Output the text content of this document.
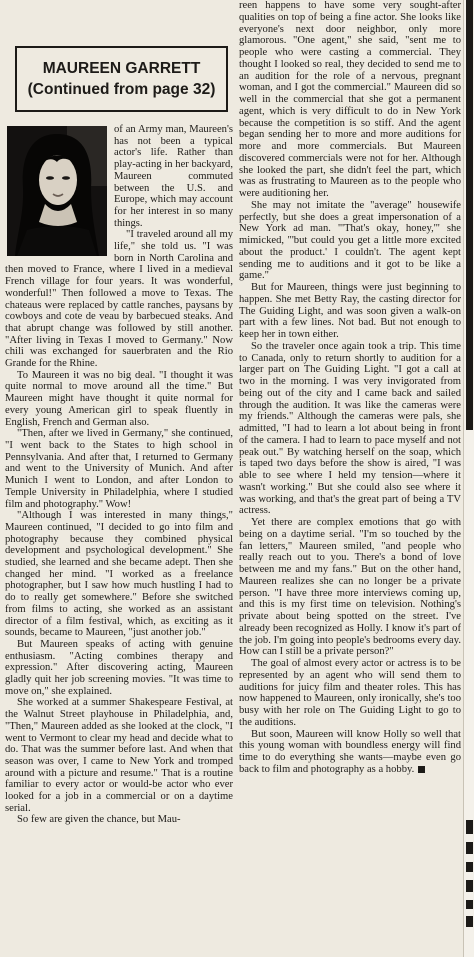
MAUREEN GARRETT
(Continued from page 32)

of an Army man, Maureen's has not been a typical actor's life. Rather than play-acting in her backyard, Maureen commuted between the U.S. and Europe, which may account for her interest in so many things.

"I traveled around all my life," she told us. "I was born in North Carolina and then moved to France, where I lived in a medieval French village for four years. It was wonderful, wonderful!" Then followed a move to Texas. The chateaus were replaced by cattle ranches, paysans by cowboys and cote de veau by barbecued steaks. And that abrupt change was followed by still another. "After living in Texas I moved to Germany." Now chili was exchanged for sauerbraten and the Rio Grande for the Rhine.

To Maureen it was no big deal. "I thought it was quite normal to move around all the time." But Maureen might have thought it quite normal for every young American girl to speak fluently in English, French and German also.

"Then, after we lived in Germany," she continued, "I went back to the States to high school in Pennsylvania. And after that, I returned to Germany and went to the University of Munich. And after Munich I went to London, and after London to Temple University in Philadelphia, where I studied film and photography." Wow!

"Although I was interested in many things," Maureen continued, "I decided to go into film and photography because they combined physical development and psychological development." She studied, she learned and she became adept. Then she changed her mind. "I worked as a freelance photographer, but I saw how much hustling I had to do to really get somewhere." Before she switched from films to acting, she worked as an assistant director of a film festival, which, as exciting as it sounds, became to Maureen, "just another job."

But Maureen speaks of acting with genuine enthusiasm. "Acting combines therapy and expression." After discovering acting, Maureen gladly quit her job screening movies. "It was time to move on," she explained.

She worked at a summer Shakespeare Festival, at the Walnut Street playhouse in Philadelphia, and, "Then," Maureen added as she looked at the clock, "I went to Vermont to clear my head and decide what to do. That was the summer before last. And when that season was over, I came to New York and tromped around with a picture and resume." That is a routine familiar to every actor or would-be actor who ever looked for a job in a commercial or on a daytime serial.

So few are given the chance, but Mau-

reen happens to have some very sought-after qualities on top of being a fine actor. She looks like everyone's next door neighbor, only more glamorous. "One agent," she said, "sent me to people who were casting a commercial. They thought I looked so real, they decided to send me to an audition for the role of a nervous, pregnant woman, and I got the commercial." Maureen did so well in the commercial that she got a permanent agent, which is very difficult to do in New York because the competition is so stiff. And the agent began sending her to more and more auditions for more and more commercials. But Maureen discovered commercials were not for her. Although she looked the part, she didn't feel the part, which was as frustrating to Maureen as to the people who were auditioning her.

She may not imitate the "average" housewife perfectly, but she does a great impersonation of a New York ad man. "'That's okay, honey,'" she mimicked, "'but could you get a little more excited about the product.' I couldn't. The agent kept sending me to auditions and it got to be like a game."

But for Maureen, things were just beginning to happen. She met Betty Ray, the casting director for The Guiding Light, and was soon given a walk-on part with a few lines. Not bad. But not enough to keep her in town either.

So the traveler once again took a trip. This time to Canada, only to return shortly to audition for a larger part on The Guiding Light. "I got a call at two in the morning. I was very invigorated from being out of the city and I came back and sailed through the audition. It was like the cameras were my friends." Although the cameras were pals, she admitted, "I had to learn a lot about being in front of the camera. I had to learn to pace myself and not peak out." By watching herself on the soap, which is taped two days before the show is aired, "I was able to see where I held my tension—where it wasn't working." But she could also see where it was working, and that's the great part of being a TV actress.

Yet there are complex emotions that go with being on a daytime serial. "I'm so touched by the fan letters," Maureen smiled, "and people who really reach out to you. There's a bond of love between me and my fans." But on the other hand, Maureen realizes she can no longer be a private person. "I have three more interviews coming up, and this is my first time on television. Nothing's private about being spotted on the street. I've already been recognized as Holly. I know it's part of the job. I'm going into people's bedrooms every day. How can I still be a private person?"

The goal of almost every actor or actress is to be represented by an agent who will send them to auditions for juicy film and theater roles. This has now happened to Maureen, only ironically, she's too busy with her role on The Guiding Light to go to the auditions.

But soon, Maureen will know Holly so well that this young woman with boundless energy will find time to do everything she wants—maybe even go back to film and photography as a hobby.
